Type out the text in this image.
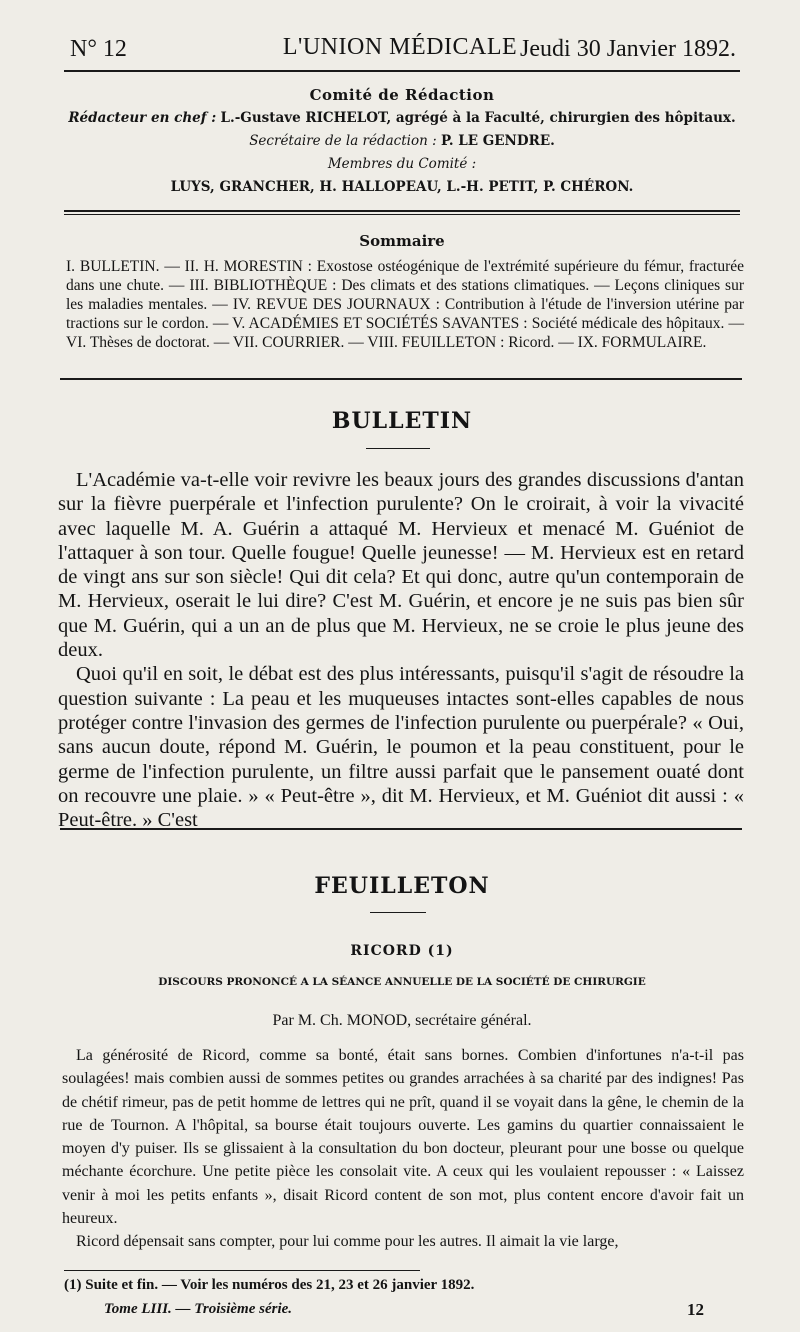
N° 12	L'UNION MÉDICALE Jeudi 30 Janvier 1892.
Comité de Rédaction
Rédacteur en chef : L.-Gustave RICHELOT, agrégé à la Faculté, chirurgien des hôpitaux.
Secrétaire de la rédaction : P. LE GENDRE.
Membres du Comité :
LUYS, GRANCHER, H. HALLOPEAU, L.-H. PETIT, P. CHÉRON.
Sommaire
I. BULLETIN. — II. H. MORESTIN : Exostose ostéogénique de l'extrémité supérieure du fémur, fracturée dans une chute. — III. BIBLIOTHÈQUE : Des climats et des stations climatiques. — Leçons cliniques sur les maladies mentales. — IV. REVUE DES JOURNAUX : Contribution à l'étude de l'inversion utérine par tractions sur le cordon. — V. ACADÉMIES ET SOCIÉTÉS SAVANTES : Société médicale des hôpitaux. — VI. Thèses de doctorat. — VII. COURRIER. — VIII. FEUILLETON : Ricord. — IX. FORMULAIRE.
BULLETIN

L'Académie va-t-elle voir revivre les beaux jours des grandes discussions d'antan sur la fièvre puerpérale et l'infection purulente? On le croirait, à voir la vivacité avec laquelle M. A. Guérin a attaqué M. Hervieux et menacé M. Guéniot de l'attaquer à son tour. Quelle fougue! Quelle jeunesse! — M. Hervieux est en retard de vingt ans sur son siècle! Qui dit cela? Et qui donc, autre qu'un contemporain de M. Hervieux, oserait le lui dire? C'est M. Guérin, et encore je ne suis pas bien sûr que M. Guérin, qui a un an de plus que M. Hervieux, ne se croie le plus jeune des deux.

Quoi qu'il en soit, le débat est des plus intéressants, puisqu'il s'agit de résoudre la question suivante : La peau et les muqueuses intactes sont-elles capables de nous protéger contre l'invasion des germes de l'infection purulente ou puerpérale? « Oui, sans aucun doute, répond M. Guérin, le poumon et la peau constituent, pour le germe de l'infection purulente, un filtre aussi parfait que le pansement ouaté dont on recouvre une plaie. » « Peut-être », dit M. Hervieux, et M. Guéniot dit aussi : « Peut-être. » C'est

FEUILLETON
RICORD (1)
DISCOURS PRONONCÉ A LA SÉANCE ANNUELLE DE LA SOCIÉTÉ DE CHIRURGIE
Par M. Ch. MONOD, secrétaire général.

La générosité de Ricord, comme sa bonté, était sans bornes. Combien d'infortunes n'a-t-il pas soulagées! mais combien aussi de sommes petites ou grandes arrachées à sa charité par des indignes! Pas de chétif rimeur, pas de petit homme de lettres qui ne prît, quand il se voyait dans la gêne, le chemin de la rue de Tournon. A l'hôpital, sa bourse était toujours ouverte. Les gamins du quartier connaissaient le moyen d'y puiser. Ils se glissaient à la consultation du bon docteur, pleurant pour une bosse ou quelque méchante écorchure. Une petite pièce les consolait vite. A ceux qui les voulaient repousser : « Laissez venir à moi les petits enfants », disait Ricord content de son mot, plus content encore d'avoir fait un heureux.

Ricord dépensait sans compter, pour lui comme pour les autres. Il aimait la vie large,

(1) Suite et fin. — Voir les numéros des 21, 23 et 26 janvier 1892.
Tome LIII. — Troisième série.	12
